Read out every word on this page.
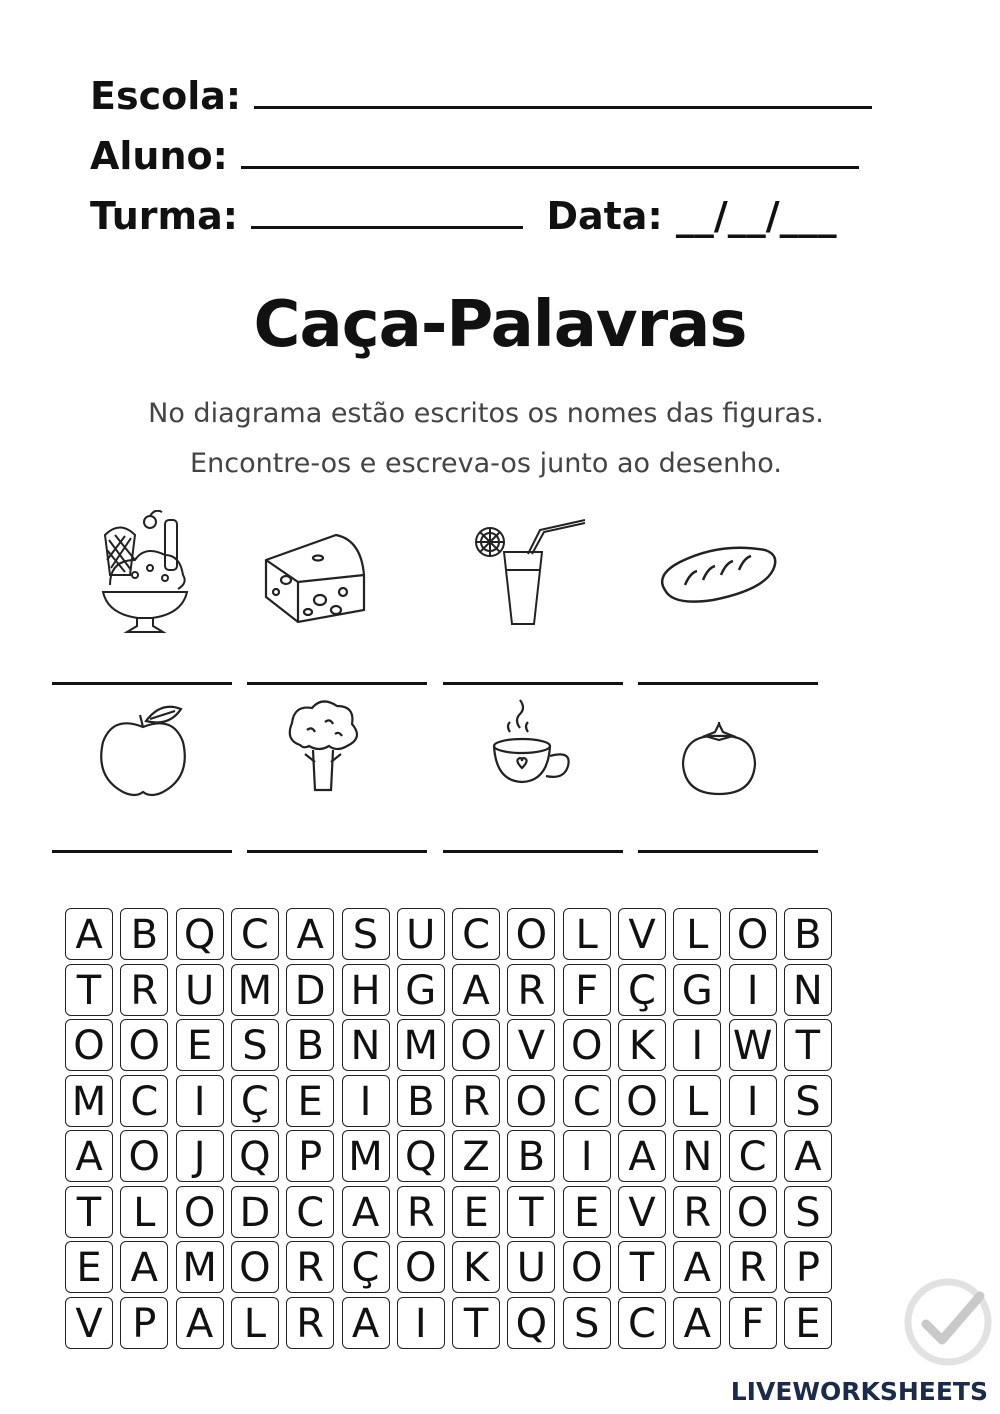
Escola:
Aluno:
Turma:	Data: __/__/___
Caça-Palavras
No diagrama estão escritos os nomes das figuras.
Encontre-os e escreva-os junto ao desenho.
A B Q C A S U C O L V L O B
T R U M D H G A R F Ç G I N
O O E S B N M O V O K I W T
M C I Ç E I B R O C O L I S
A O J Q P M Q Z B I A N C A
T L O D C A R E T E V R O S
E A M O R Ç O K U O T A R P
V P A L R A I T Q S C A F E
LIVEWORKSHEETS
